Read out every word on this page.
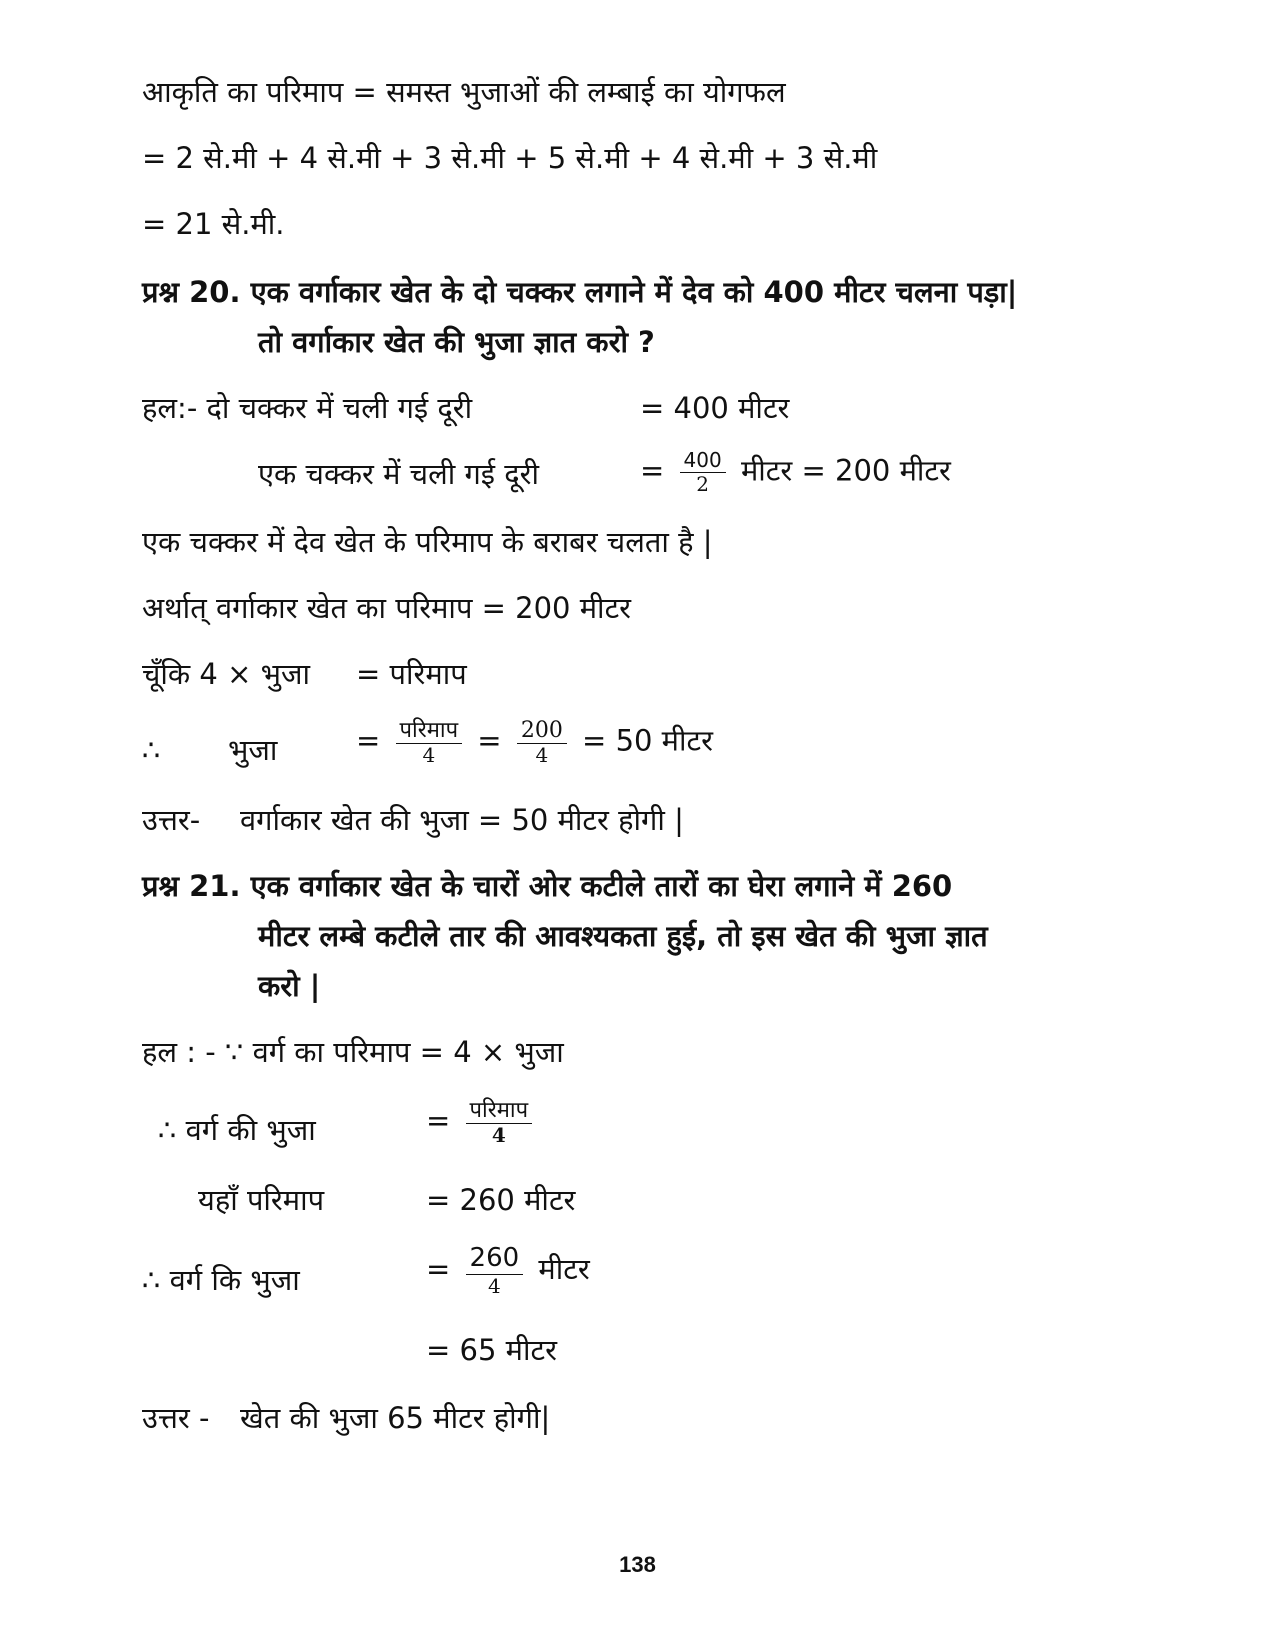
आकृति का परिमाप = समस्त भुजाओं की लम्बाई का योगफल
= 2 से.मी + 4 से.मी + 3 से.मी + 5 से.मी + 4 से.मी + 3 से.मी
= 21 से.मी.
प्रश्न 20. एक वर्गाकार खेत के दो चक्कर लगाने में देव को 400 मीटर चलना पड़ा|
तो वर्गाकार खेत की भुजा ज्ञात करो ?
हल:- दो चक्कर में चली गई दूरी	= 400 मीटर
एक चक्कर में चली गई दूरी	= $\frac{400}{2}$ मीटर = 200 मीटर
एक चक्कर में देव खेत के परिमाप के बराबर चलता है |
अर्थात् वर्गाकार खेत का परिमाप = 200 मीटर
चूँकि 4 × भुजा = परिमाप
∴ भुजा	= $\frac{\text{परिमाप}}{4} = \frac{200}{4} = 50$ मीटर
उत्तर- वर्गाकार खेत की भुजा = 50 मीटर होगी |
प्रश्न 21. एक वर्गाकार खेत के चारों ओर कटीले तारों का घेरा लगाने में 260
मीटर लम्बे कटीले तार की आवश्यकता हुई, तो इस खेत की भुजा ज्ञात
करो |
हल : - ∵ वर्ग का परिमाप = 4 × भुजा
∴ वर्ग की भुजा	= $\frac{\text{परिमाप}}{4}$
यहाँ परिमाप	= 260 मीटर
∴ वर्ग कि भुजा	= $\frac{260}{4}$ मीटर
= 65 मीटर
उत्तर - खेत की भुजा 65 मीटर होगी|
138
